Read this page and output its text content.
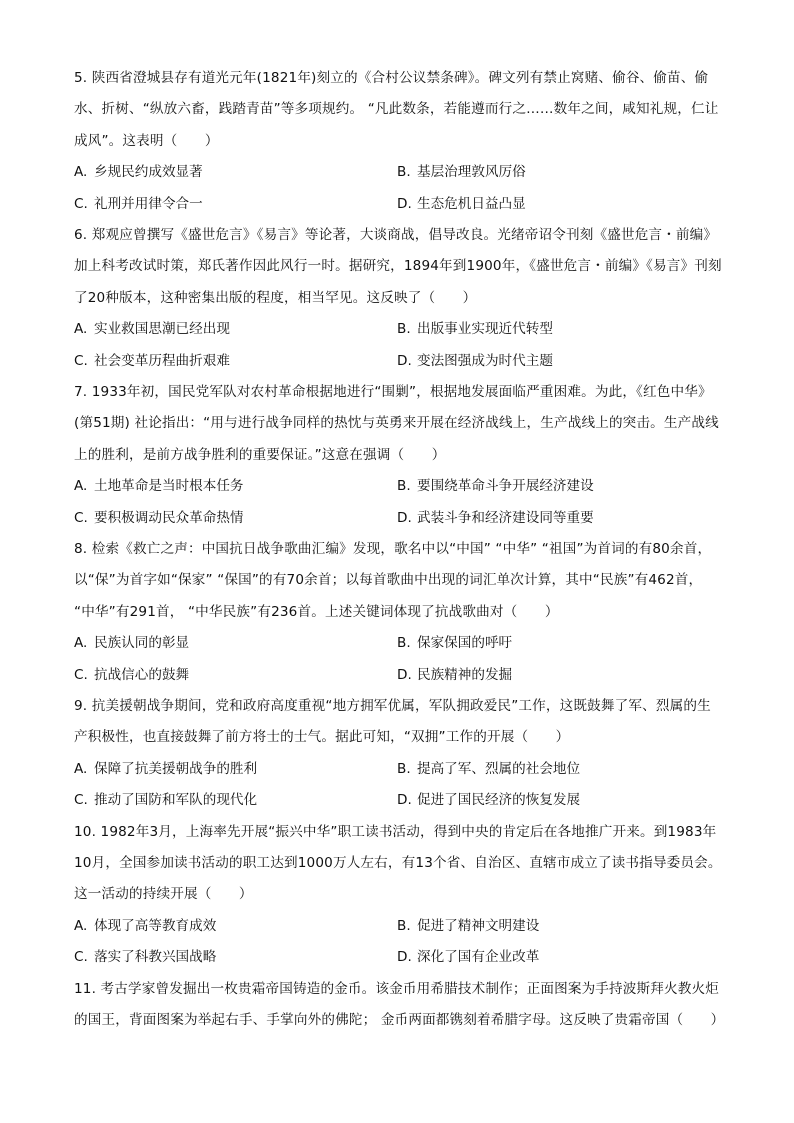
5. 陕西省澄城县存有道光元年(1821年)刻立的《合村公议禁条碑》。碑文列有禁止窝赌、偷谷、偷苗、偷水、折树、“纵放六畜，践踏青苗”等多项规约。 “凡此数条，若能遵而行之……数年之间，咸知礼规，仁让成风”。这表明（　　）

A. 乡规民约成效显著	B. 基层治理敦风厉俗
C. 礼刑并用律令合一	D. 生态危机日益凸显

6. 郑观应曾撰写《盛世危言》《易言》等论著，大谈商战，倡导改良。光绪帝诏令刊刻《盛世危言・前编》加上科考改试时策，郑氏著作因此风行一时。据研究，1894年到1900年，《盛世危言・前编》《易言》刊刻了20种版本，这种密集出版的程度，相当罕见。这反映了（　　）

A. 实业救国思潮已经出现	B. 出版事业实现近代转型
C. 社会变革历程曲折艰难	D. 变法图强成为时代主题

7. 1933年初，国民党军队对农村革命根据地进行“围剿”，根据地发展面临严重困难。为此，《红色中华》(第51期) 社论指出：“用与进行战争同样的热忱与英勇来开展在经济战线上，生产战线上的突击。生产战线上的胜利，是前方战争胜利的重要保证。”这意在强调（　　）

A. 土地革命是当时根本任务	B. 要围绕革命斗争开展经济建设
C. 要积极调动民众革命热情	D. 武装斗争和经济建设同等重要

8. 检索《救亡之声：中国抗日战争歌曲汇编》发现，歌名中以“中国” “中华” “祖国”为首词的有80余首，以“保”为首字如“保家” “保国”的有70余首；以每首歌曲中出现的词汇单次计算，其中“民族”有462首， “中华”有291首， “中华民族”有236首。上述关键词体现了抗战歌曲对（　　）

A. 民族认同的彰显	B. 保家保国的呼吁
C. 抗战信心的鼓舞	D. 民族精神的发掘

9. 抗美援朝战争期间，党和政府高度重视“地方拥军优属，军队拥政爱民”工作，这既鼓舞了军、烈属的生产积极性，也直接鼓舞了前方将士的士气。据此可知，“双拥”工作的开展（　　）

A. 保障了抗美援朝战争的胜利	B. 提高了军、烈属的社会地位
C. 推动了国防和军队的现代化	D. 促进了国民经济的恢复发展

10. 1982年3月，上海率先开展“振兴中华”职工读书活动，得到中央的肯定后在各地推广开来。到1983年 10月，全国参加读书活动的职工达到1000万人左右，有13个省、自治区、直辖市成立了读书指导委员会。这一活动的持续开展（　　）

A. 体现了高等教育成效	B. 促进了精神文明建设
C. 落实了科教兴国战略	D. 深化了国有企业改革

11. 考古学家曾发掘出一枚贵霜帝国铸造的金币。该金币用希腊技术制作；正面图案为手持波斯拜火教火炬的国王，背面图案为举起右手、手掌向外的佛陀； 金币两面都镌刻着希腊字母。这反映了贵霜帝国（　　）
